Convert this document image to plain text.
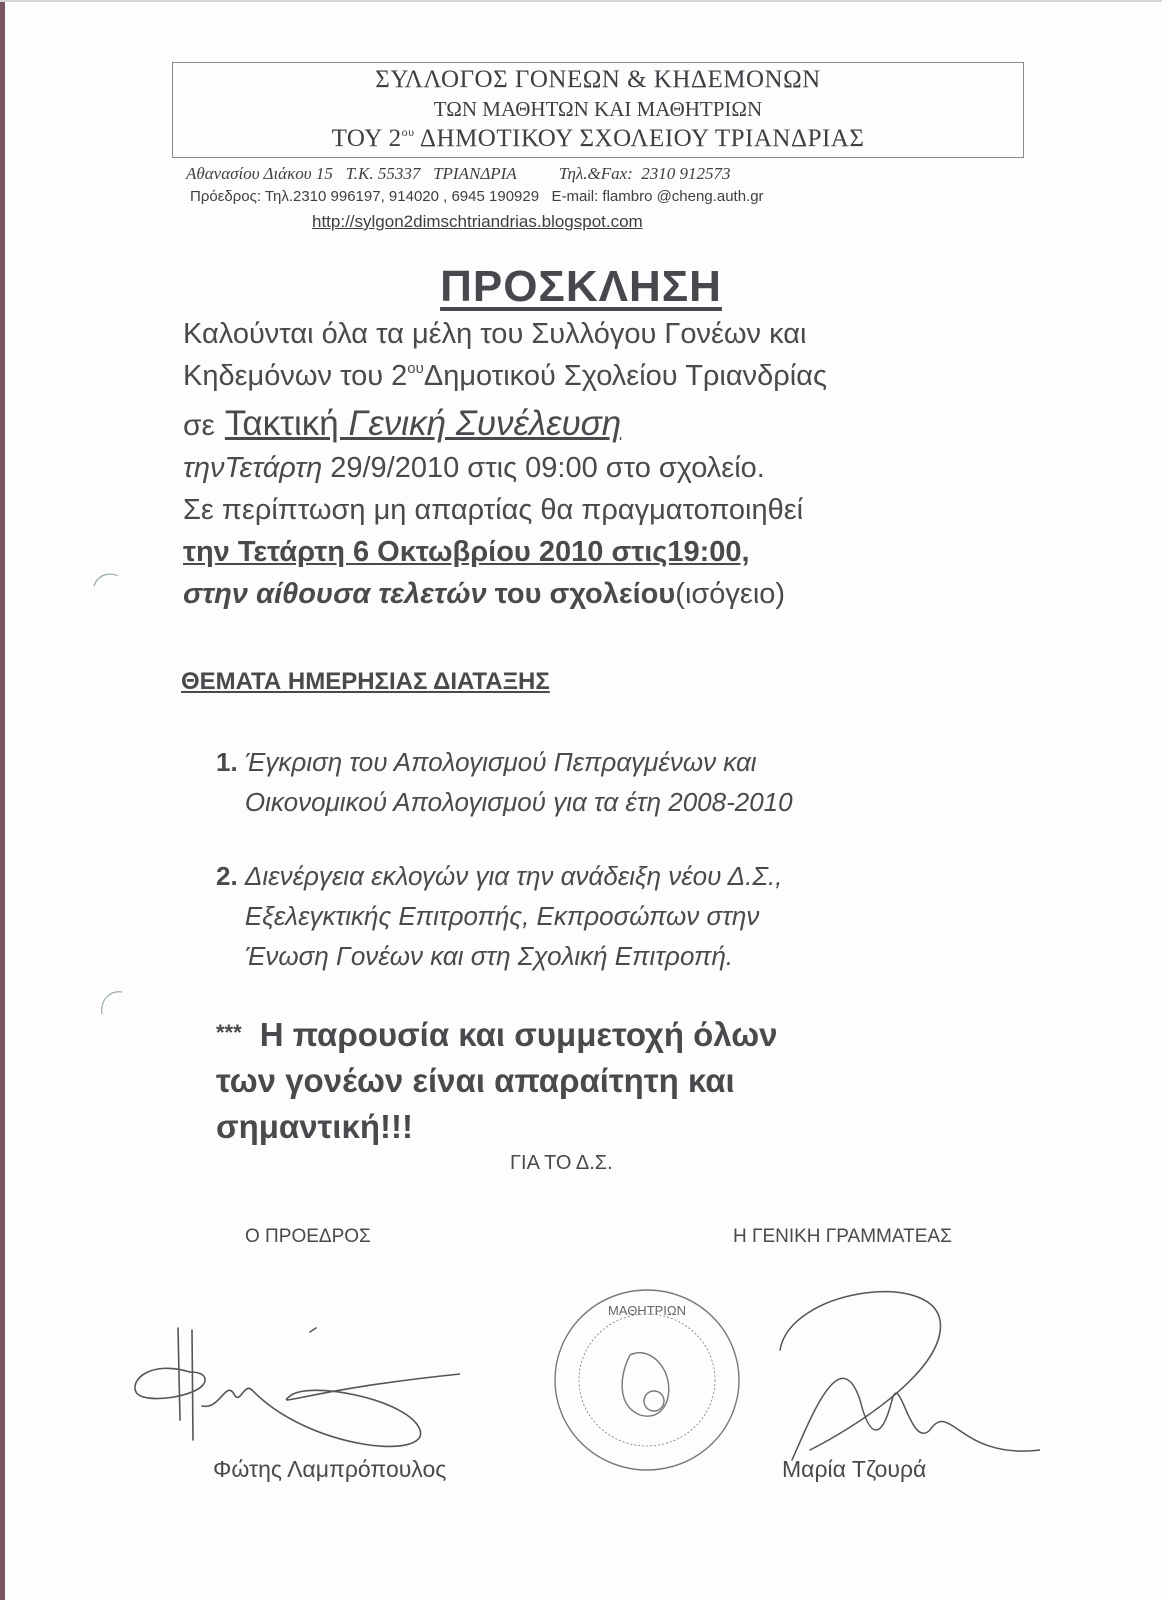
ΣΥΛΛΟΓΟΣ ΓΟΝΕΩΝ & ΚΗΔΕΜΟΝΩΝ
ΤΩΝ ΜΑΘΗΤΩΝ ΚΑΙ ΜΑΘΗΤΡΙΩΝ
ΤΟΥ $2^{o\upsilon}$ ΔΗΜΟΤΙΚΟΥ ΣΧΟΛΕΙΟΥ ΤΡΙΑΝΔΡΙΑΣ
Αθανασίου Διάκου 15   Τ.Κ. 55337   ΤΡΙΑΝΔΡΙΑ          Τηλ.&Fax:  2310 912573
Πρόεδρος: Τηλ.2310 996197, 914020 , 6945 190929   E-mail: flambro @cheng.auth.gr
http://sylgon2dimschtriandrias.blogspot.com
ΠΡΟΣΚΛΗΣΗ
Καλούνται όλα τα μέλη του Συλλόγου Γονέων και
Κηδεμόνων του $2^{o\upsilon}\Delta\eta\mu o\tau\iota\kappa oύ$ Σχολείου Τριανδρίας
σε Τακτική Γενική Συνέλευση
τηνΤετάρτη 29/9/2010 στις 09:00 στο σχολείο.
Σε περίπτωση μη απαρτίας θα πραγματοποιηθεί
την Τετάρτη 6 Οκτωβρίου 2010 στις19:00,
στην αίθουσα τελετών του σχολείου(ισόγειο)
ΘΕΜΑΤΑ ΗΜΕΡΗΣΙΑΣ ΔΙΑΤΑΞΗΣ
1. Έγκριση του Απολογισμού Πεπραγμένων και
Οικονομικού Απολογισμού για τα έτη 2008-2010
2. Διενέργεια εκλογών για την ανάδειξη νέου Δ.Σ.,
Εξελεγκτικής Επιτροπής, Εκπροσώπων στην
Ένωση Γονέων και στη Σχολική Επιτροπή.
*** Η παρουσία και συμμετοχή όλων
των γονέων είναι απαραίτητη και
σημαντική!!!
ΓΙΑ ΤΟ Δ.Σ.
Ο ΠΡΟΕΔΡΟΣ	Η ΓΕΝΙΚΗ ΓΡΑΜΜΑΤΕΑΣ
ΜΑΘΗΤΡΙΩΝ
Φώτης Λαμπρόπουλος	Μαρία Τζουρά
